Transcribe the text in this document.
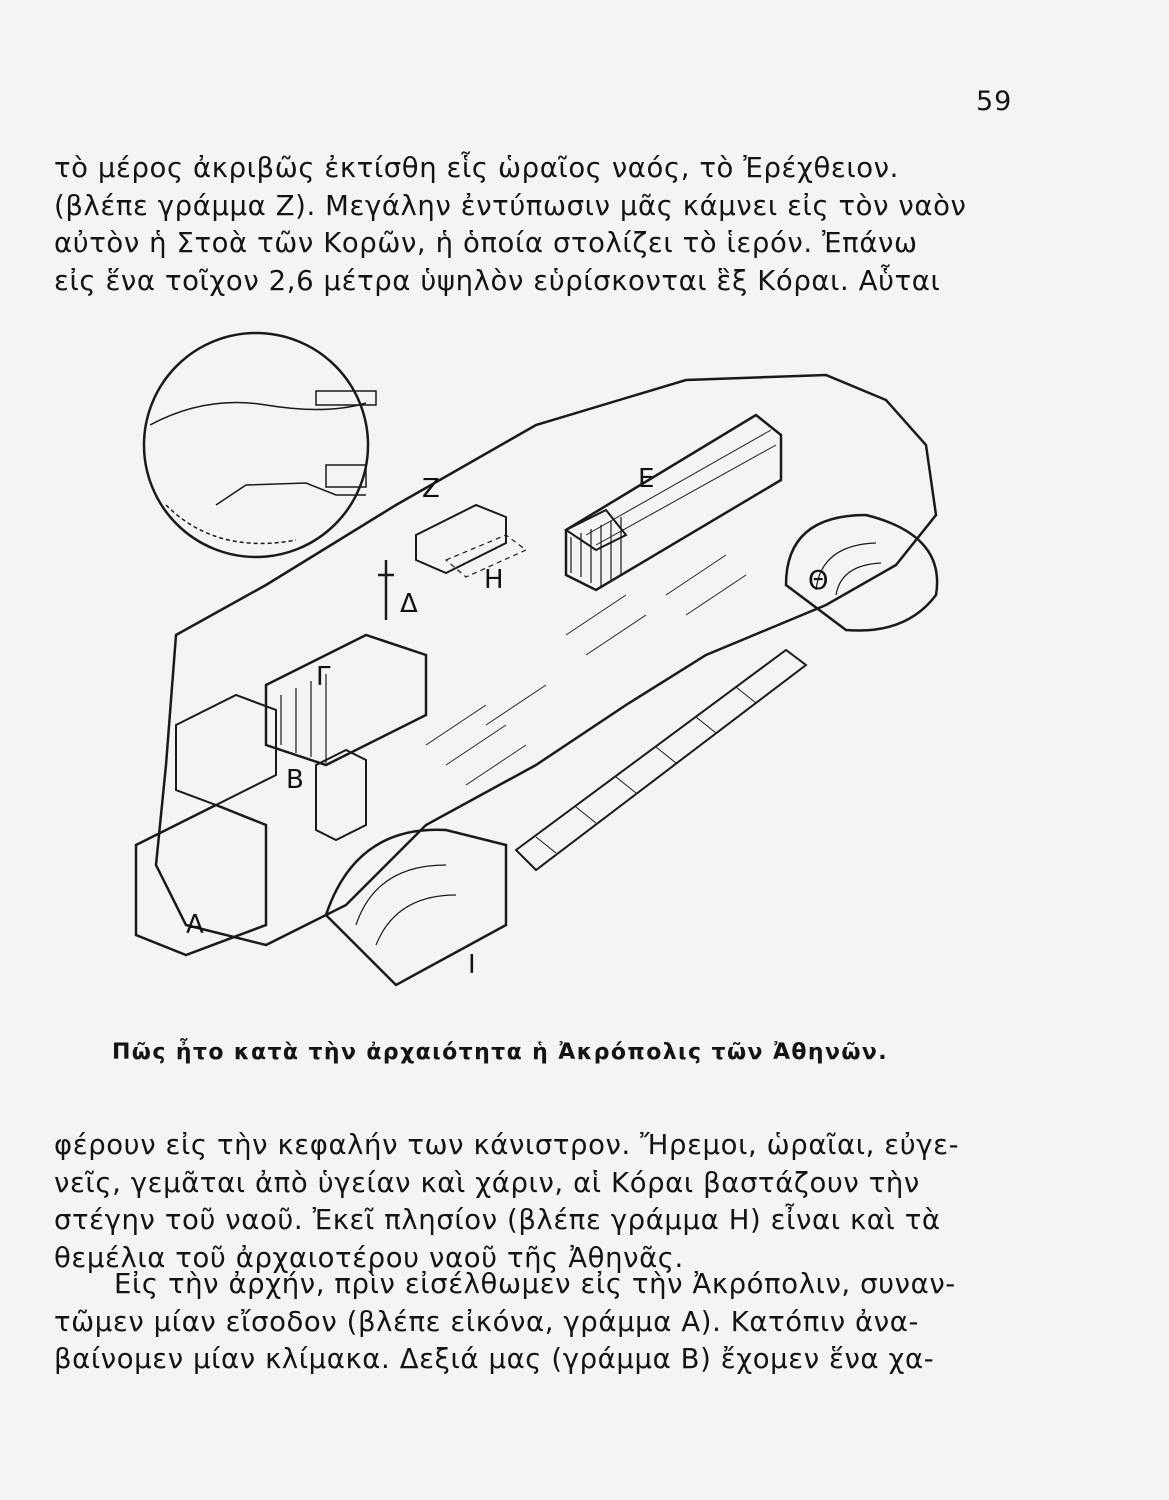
59
τὸ μέρος ἀκριβῶς ἐκτίσθη εἷς ὡραῖος ναός, τὸ Ἐρέχθειον.
(βλέπε γράμμα Ζ). Μεγάλην ἐντύπωσιν μᾶς κάμνει εἰς τὸν ναὸν
αὐτὸν ἡ Στοὰ τῶν Κορῶν, ἡ ὁποία στολίζει τὸ ἱερόν. Ἐπάνω
εἰς ἕνα τοῖχον 2,6 μέτρα ὑψηλὸν εὑρίσκονται ἓξ Κόραι. Αὗται
Α
Β
Γ
Δ
Ε
Ζ
Η	Θ
Ι
Πῶς ἦτο κατὰ τὴν ἀρχαιότητα ἡ Ἀκρόπολις τῶν Ἀθηνῶν.
φέρουν εἰς τὴν κεφαλήν των κάνιστρον. Ἤρεμοι, ὡραῖαι, εὐγε-
νεῖς, γεμᾶται ἀπὸ ὑγείαν καὶ χάριν, αἱ Κόραι βαστάζουν τὴν
στέγην τοῦ ναοῦ. Ἐκεῖ πλησίον (βλέπε γράμμα Η) εἶναι καὶ τὰ
θεμέλια τοῦ ἀρχαιοτέρου ναοῦ τῆς Ἀθηνᾶς.
Εἰς τὴν ἀρχήν, πρὶν εἰσέλθωμεν εἰς τὴν Ἀκρόπολιν, συναν-
τῶμεν μίαν εἴσοδον (βλέπε εἰκόνα, γράμμα Α). Κατόπιν ἀνα-
βαίνομεν μίαν κλίμακα. Δεξιά μας (γράμμα Β) ἔχομεν ἕνα χα-
